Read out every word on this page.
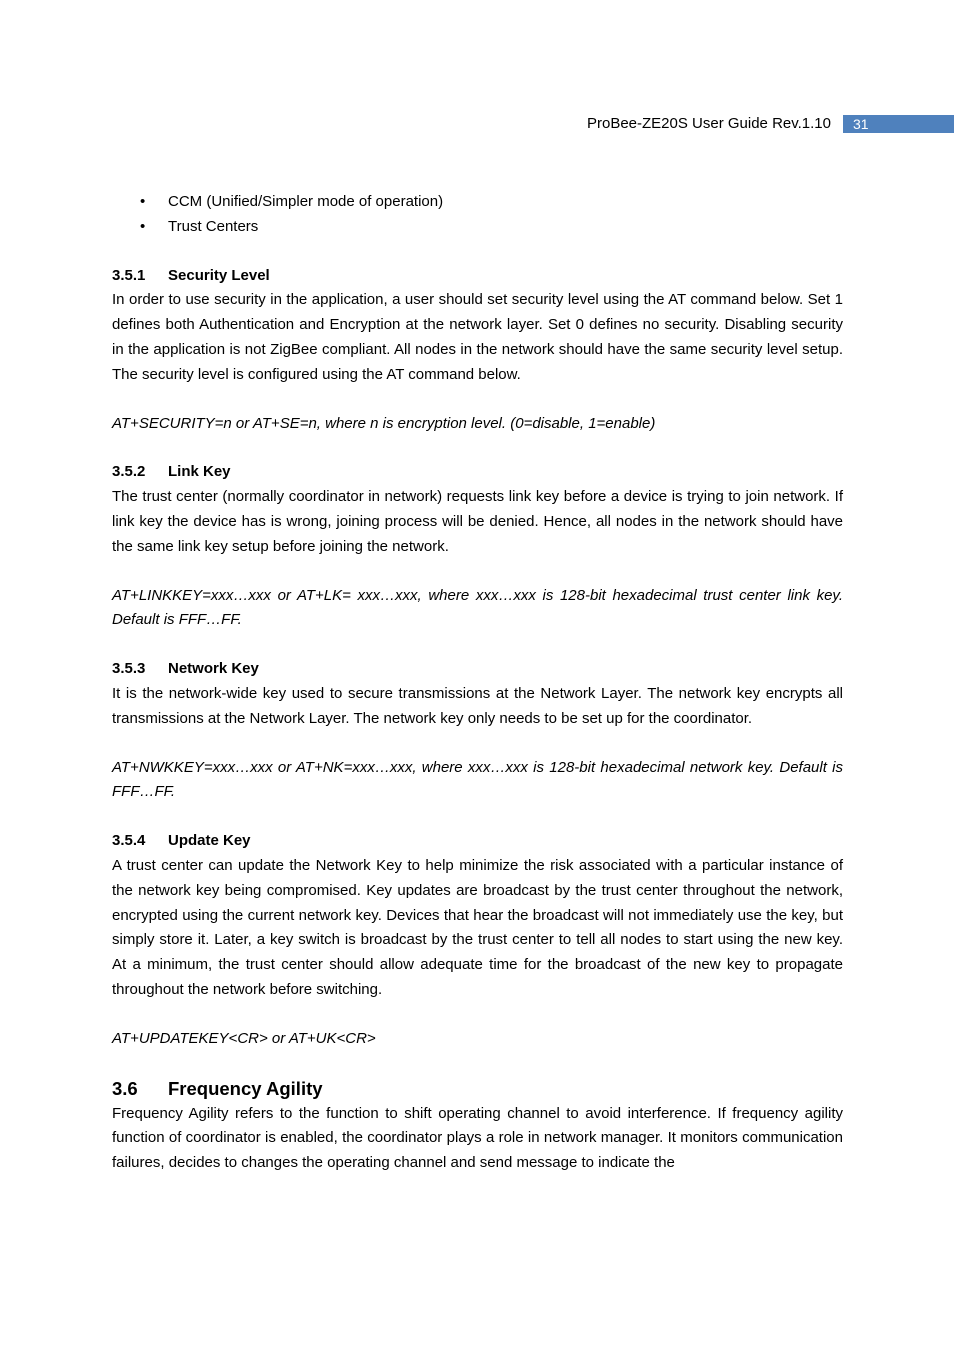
ProBee-ZE20S User Guide Rev.1.10	31
• CCM (Unified/Simpler mode of operation)
• Trust Centers
3.5.1 Security Level

In order to use security in the application, a user should set security level using the AT command below. Set 1 defines both Authentication and Encryption at the network layer. Set 0 defines no security. Disabling security in the application is not ZigBee compliant. All nodes in the network should have the same security level setup. The security level is configured using the AT command below.

AT+SECURITY=n or AT+SE=n, where n is encryption level. (0=disable, 1=enable)

3.5.2 Link Key

The trust center (normally coordinator in network) requests link key before a device is trying to join network. If link key the device has is wrong, joining process will be denied. Hence, all nodes in the network should have the same link key setup before joining the network.

AT+LINKKEY=xxx…xxx or AT+LK= xxx…xxx, where xxx…xxx is 128-bit hexadecimal trust center link key. Default is FFF…FF.

3.5.3 Network Key

It is the network-wide key used to secure transmissions at the Network Layer. The network key encrypts all transmissions at the Network Layer. The network key only needs to be set up for the coordinator.

AT+NWKKEY=xxx…xxx or AT+NK=xxx…xxx, where xxx…xxx is 128-bit hexadecimal network key. Default is FFF…FF.

3.5.4 Update Key

A trust center can update the Network Key to help minimize the risk associated with a particular instance of the network key being compromised. Key updates are broadcast by the trust center throughout the network, encrypted using the current network key. Devices that hear the broadcast will not immediately use the key, but simply store it. Later, a key switch is broadcast by the trust center to tell all nodes to start using the new key. At a minimum, the trust center should allow adequate time for the broadcast of the new key to propagate throughout the network before switching.

AT+UPDATEKEY<CR> or AT+UK<CR>

3.6 Frequency Agility

Frequency Agility refers to the function to shift operating channel to avoid interference. If frequency agility function of coordinator is enabled, the coordinator plays a role in network manager. It monitors communication failures, decides to changes the operating channel and send message to indicate the
